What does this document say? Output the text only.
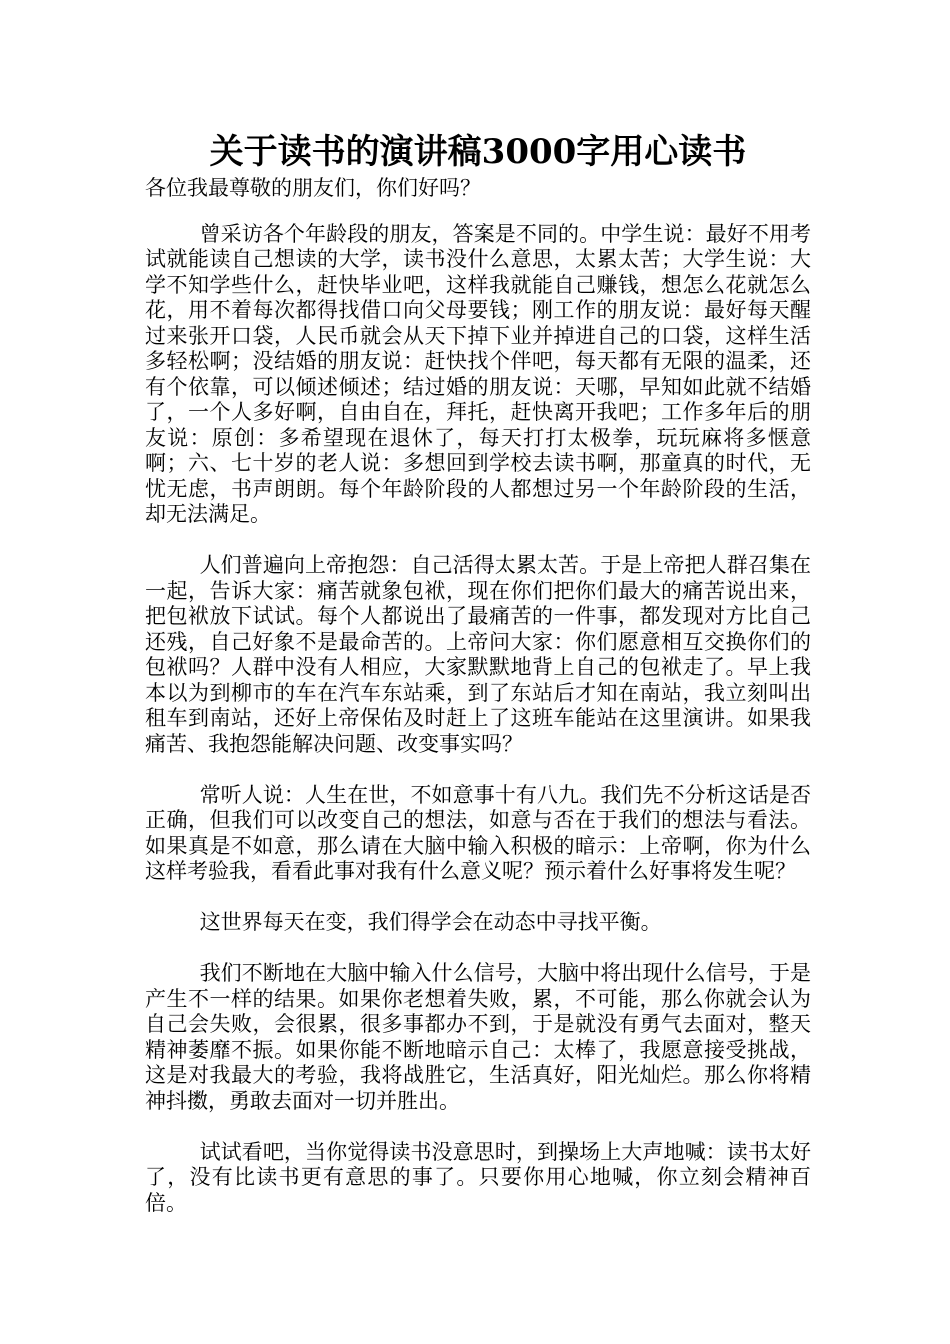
关于读书的演讲稿3000字用心读书

各位我最尊敬的朋友们，你们好吗？

曾采访各个年龄段的朋友，答案是不同的。中学生说：最好不用考试就能读自己想读的大学，读书没什么意思，太累太苦；大学生说：大学不知学些什么，赶快毕业吧，这样我就能自己赚钱，想怎么花就怎么花，用不着每次都得找借口向父母要钱；刚工作的朋友说：最好每天醒过来张开口袋，人民币就会从天下掉下业并掉进自己的口袋，这样生活多轻松啊；没结婚的朋友说：赶快找个伴吧，每天都有无限的温柔，还有个依靠，可以倾述倾述；结过婚的朋友说：天哪，早知如此就不结婚了，一个人多好啊，自由自在，拜托，赶快离开我吧；工作多年后的朋友说：原创：多希望现在退休了，每天打打太极拳，玩玩麻将多惬意啊；六、七十岁的老人说：多想回到学校去读书啊，那童真的时代，无忧无虑，书声朗朗。每个年龄阶段的人都想过另一个年龄阶段的生活，却无法满足。

人们普遍向上帝抱怨：自己活得太累太苦。于是上帝把人群召集在一起，告诉大家：痛苦就象包袱，现在你们把你们最大的痛苦说出来，把包袱放下试试。每个人都说出了最痛苦的一件事，都发现对方比自己还残，自己好象不是最命苦的。上帝问大家：你们愿意相互交换你们的包袱吗？人群中没有人相应，大家默默地背上自己的包袱走了。早上我本以为到柳市的车在汽车东站乘，到了东站后才知在南站，我立刻叫出租车到南站，还好上帝保佑及时赶上了这班车能站在这里演讲。如果我痛苦、我抱怨能解决问题、改变事实吗？

常听人说：人生在世，不如意事十有八九。我们先不分析这话是否正确，但我们可以改变自己的想法，如意与否在于我们的想法与看法。如果真是不如意，那么请在大脑中输入积极的暗示：上帝啊，你为什么这样考验我，看看此事对我有什么意义呢？预示着什么好事将发生呢？

这世界每天在变，我们得学会在动态中寻找平衡。

我们不断地在大脑中输入什么信号，大脑中将出现什么信号，于是产生不一样的结果。如果你老想着失败，累，不可能，那么你就会认为自己会失败，会很累，很多事都办不到，于是就没有勇气去面对，整天精神萎靡不振。如果你能不断地暗示自己：太棒了，我愿意接受挑战，这是对我最大的考验，我将战胜它，生活真好，阳光灿烂。那么你将精神抖擞，勇敢去面对一切并胜出。

试试看吧，当你觉得读书没意思时，到操场上大声地喊：读书太好了，没有比读书更有意思的事了。只要你用心地喊，你立刻会精神百倍。
